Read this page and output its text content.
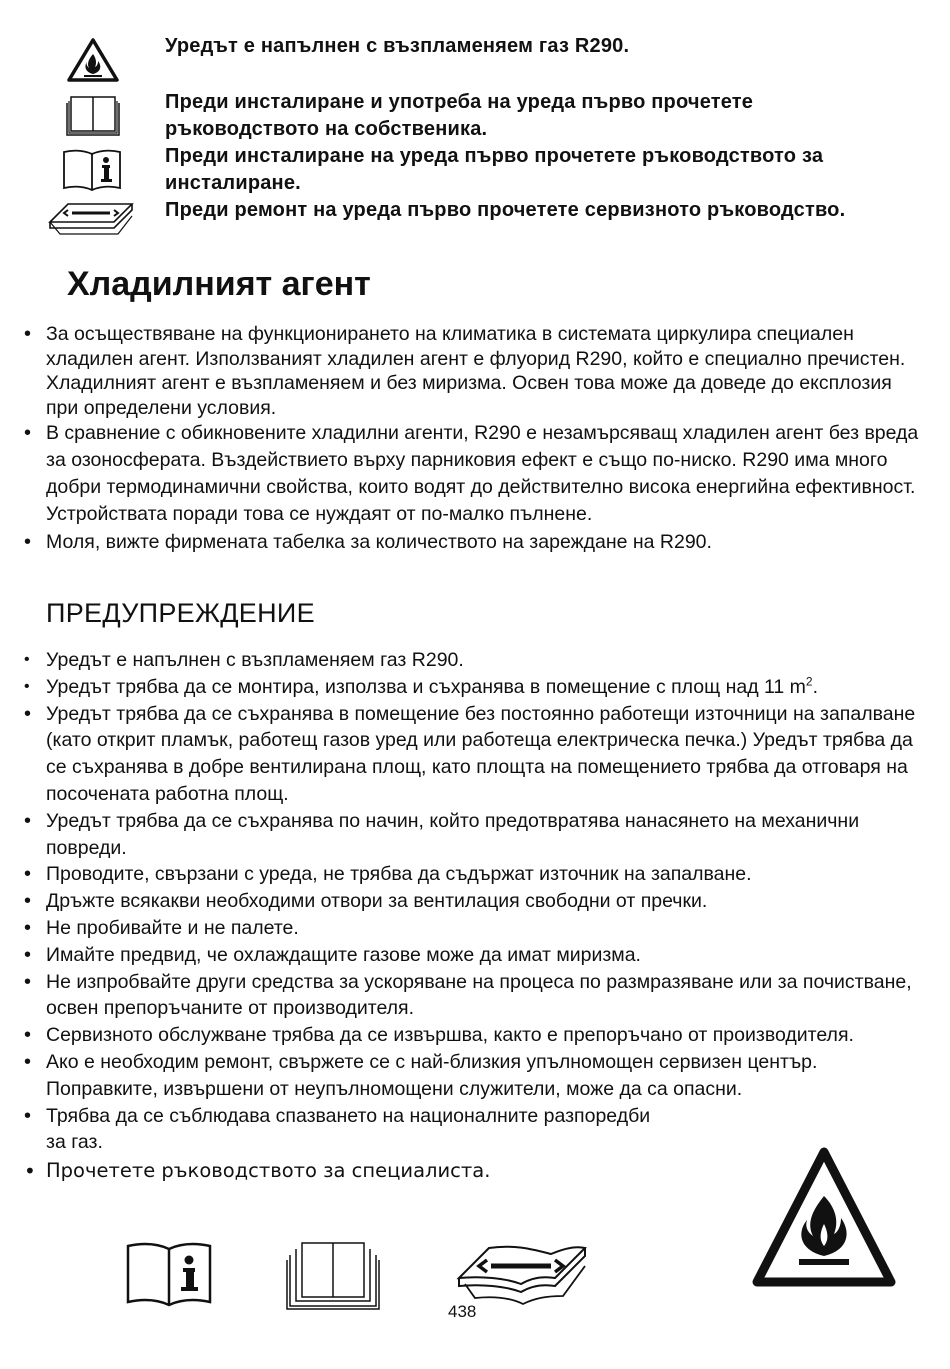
Уредът е напълнен с възпламеняем газ R290.
Преди инсталиране и употреба на уреда първо прочетете
ръководството на собственика.
Преди инсталиране на уреда първо прочетете ръководството за
инсталиране.
Преди ремонт на уреда първо прочетете сервизното ръководство.
Хладилният агент
• За осъществяване на функционирането на климатика в системата циркулира специален хладилен агент. Използваният хладилен агент е флуорид R290, който е специално пречистен. Хладилният агент е възпламеняем и без миризма. Освен това може да доведе до експлозия при определени условия.
• В сравнение с обикновените хладилни агенти, R290 е незамърсяващ хладилен агент без вреда за озоносферата. Въздействието върху парниковия ефект е също по-ниско. R290 има много добри термодинамични свойства, които водят до действително висока енергийна ефективност. Устройствата поради това се нуждаят от по-малко пълнене.
• Моля, вижте фирмената табелка за количеството на зареждане на R290.
ПРЕДУПРЕЖДЕНИЕ
• Уредът е напълнен с възпламеняем газ R290.
• Уредът трябва да се монтира, използва и съхранява в помещение с площ над 11 $m^2$.
• Уредът трябва да се съхранява в помещение без постоянно работещи източници на запалване (като открит пламък, работещ газов уред или работеща електрическа печка.) Уредът трябва да се съхранява в добре вентилирана площ, като площта на помещението трябва да отговаря на посочената работна площ.
• Уредът трябва да се съхранява по начин, който предотвратява нанасянето на механични повреди.
• Проводите, свързани с уреда, не трябва да съдържат източник на запалване.
• Дръжте всякакви необходими отвори за вентилация свободни от пречки.
• Не пробивайте и не палете.
• Имайте предвид, че охлаждащите газове може да имат миризма.
• Не изпробвайте други средства за ускоряване на процеса по размразяване или за почистване, освен препоръчаните от производителя.
• Сервизното обслужване трябва да се извършва, както е препоръчано от производителя.
• Ако е необходим ремонт, свържете се с най-близкия упълномощен сервизен център. Поправките, извършени от неупълномощени служители, може да са опасни.
• Трябва да се съблюдава спазването на националните разпоредби
за газ.
• Прочетете ръководството за специалиста.
438
